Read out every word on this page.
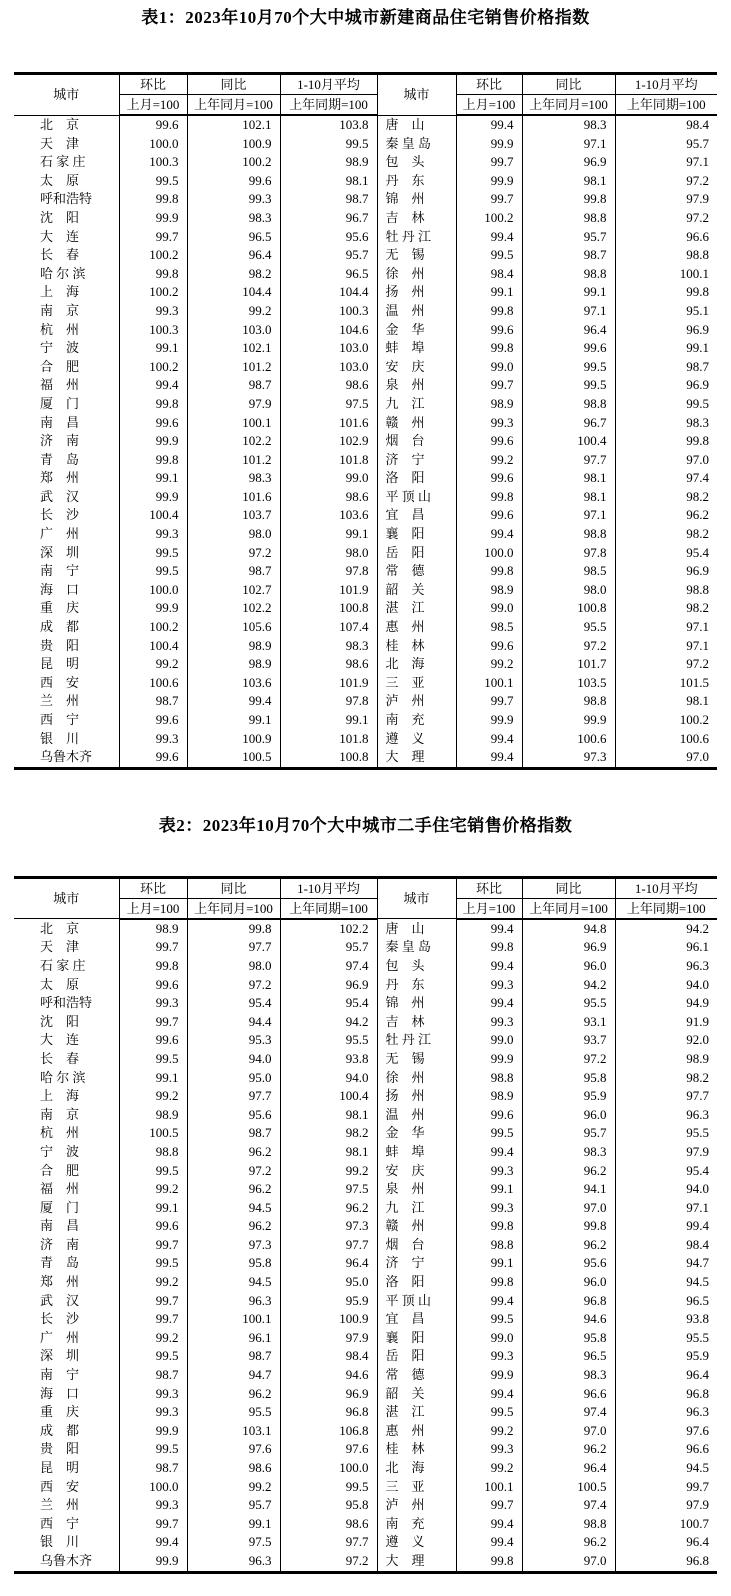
表1：2023年10月70个大中城市新建商品住宅销售价格指数
城市	环比	同比	1-10月平均	城市	环比	同比	1-10月平均
	上月=100	上年同月=100	上年同期=100		上月=100	上年同月=100	上年同期=100
北　京	99.6	102.1	103.8	唐　山	99.4	98.3	98.4
天　津	100.0	100.9	99.5	秦 皇 岛	99.9	97.1	95.7
石 家 庄	100.3	100.2	98.9	包　头	99.7	96.9	97.1
太　原	99.5	99.6	98.1	丹　东	99.9	98.1	97.2
呼和浩特	99.8	99.3	98.7	锦　州	99.7	99.8	97.9
沈　阳	99.9	98.3	96.7	吉　林	100.2	98.8	97.2
大　连	99.7	96.5	95.6	牡 丹 江	99.4	95.7	96.6
长　春	100.2	96.4	95.7	无　锡	99.5	98.7	98.8
哈 尔 滨	99.8	98.2	96.5	徐　州	98.4	98.8	100.1
上　海	100.2	104.4	104.4	扬　州	99.1	99.1	99.8
南　京	99.3	99.2	100.3	温　州	99.8	97.1	95.1
杭　州	100.3	103.0	104.6	金　华	99.6	96.4	96.9
宁　波	99.1	102.1	103.0	蚌　埠	99.8	99.6	99.1
合　肥	100.2	101.2	103.0	安　庆	99.0	99.5	98.7
福　州	99.4	98.7	98.6	泉　州	99.7	99.5	96.9
厦　门	99.8	97.9	97.5	九　江	98.9	98.8	99.5
南　昌	99.6	100.1	101.6	赣　州	99.3	96.7	98.3
济　南	99.9	102.2	102.9	烟　台	99.6	100.4	99.8
青　岛	99.8	101.2	101.8	济　宁	99.2	97.7	97.0
郑　州	99.1	98.3	99.0	洛　阳	99.6	98.1	97.4
武　汉	99.9	101.6	98.6	平 顶 山	99.8	98.1	98.2
长　沙	100.4	103.7	103.6	宜　昌	99.6	97.1	96.2
广　州	99.3	98.0	99.1	襄　阳	99.4	98.8	98.2
深　圳	99.5	97.2	98.0	岳　阳	100.0	97.8	95.4
南　宁	99.5	98.7	97.8	常　德	99.8	98.5	96.9
海　口	100.0	102.7	101.9	韶　关	98.9	98.0	98.8
重　庆	99.9	102.2	100.8	湛　江	99.0	100.8	98.2
成　都	100.2	105.6	107.4	惠　州	98.5	95.5	97.1
贵　阳	100.4	98.9	98.3	桂　林	99.6	97.2	97.1
昆　明	99.2	98.9	98.6	北　海	99.2	101.7	97.2
西　安	100.6	103.6	101.9	三　亚	100.1	103.5	101.5
兰　州	98.7	99.4	97.8	泸　州	99.7	98.8	98.1
西　宁	99.6	99.1	99.1	南　充	99.9	99.9	100.2
银　川	99.3	100.9	101.8	遵　义	99.4	100.6	100.6
乌鲁木齐	99.6	100.5	100.8	大　理	99.4	97.3	97.0
表2：2023年10月70个大中城市二手住宅销售价格指数
城市	环比	同比	1-10月平均	城市	环比	同比	1-10月平均
	上月=100	上年同月=100	上年同期=100		上月=100	上年同月=100	上年同期=100
北　京	98.9	99.8	102.2	唐　山	99.4	94.8	94.2
天　津	99.7	97.7	95.7	秦 皇 岛	99.8	96.9	96.1
石 家 庄	99.8	98.0	97.4	包　头	99.4	96.0	96.3
太　原	99.6	97.2	96.9	丹　东	99.3	94.2	94.0
呼和浩特	99.3	95.4	95.4	锦　州	99.4	95.5	94.9
沈　阳	99.7	94.4	94.2	吉　林	99.3	93.1	91.9
大　连	99.6	95.3	95.5	牡 丹 江	99.0	93.7	92.0
长　春	99.5	94.0	93.8	无　锡	99.9	97.2	98.9
哈 尔 滨	99.1	95.0	94.0	徐　州	98.8	95.8	98.2
上　海	99.2	97.7	100.4	扬　州	98.9	95.9	97.7
南　京	98.9	95.6	98.1	温　州	99.6	96.0	96.3
杭　州	100.5	98.7	98.2	金　华	99.5	95.7	95.5
宁　波	98.8	96.2	98.1	蚌　埠	99.4	98.3	97.9
合　肥	99.5	97.2	99.2	安　庆	99.3	96.2	95.4
福　州	99.2	96.2	97.5	泉　州	99.1	94.1	94.0
厦　门	99.1	94.5	96.2	九　江	99.3	97.0	97.1
南　昌	99.6	96.2	97.3	赣　州	99.8	99.8	99.4
济　南	99.7	97.3	97.7	烟　台	98.8	96.2	98.4
青　岛	99.5	95.8	96.4	济　宁	99.1	95.6	94.7
郑　州	99.2	94.5	95.0	洛　阳	99.8	96.0	94.5
武　汉	99.7	96.3	95.9	平 顶 山	99.4	96.8	96.5
长　沙	99.7	100.1	100.9	宜　昌	99.5	94.6	93.8
广　州	99.2	96.1	97.9	襄　阳	99.0	95.8	95.5
深　圳	99.5	98.7	98.4	岳　阳	99.3	96.5	95.9
南　宁	98.7	94.7	94.6	常　德	99.9	98.3	96.4
海　口	99.3	96.2	96.9	韶　关	99.4	96.6	96.8
重　庆	99.3	95.5	96.8	湛　江	99.5	97.4	96.3
成　都	99.9	103.1	106.8	惠　州	99.2	97.0	97.6
贵　阳	99.5	97.6	97.6	桂　林	99.3	96.2	96.6
昆　明	98.7	98.6	100.0	北　海	99.2	96.4	94.5
西　安	100.0	99.2	99.5	三　亚	100.1	100.5	99.7
兰　州	99.3	95.7	95.8	泸　州	99.7	97.4	97.9
西　宁	99.7	99.1	98.6	南　充	99.4	98.8	100.7
银　川	99.4	97.5	97.7	遵　义	99.4	96.2	96.4
乌鲁木齐	99.9	96.3	97.2	大　理	99.8	97.0	96.8
